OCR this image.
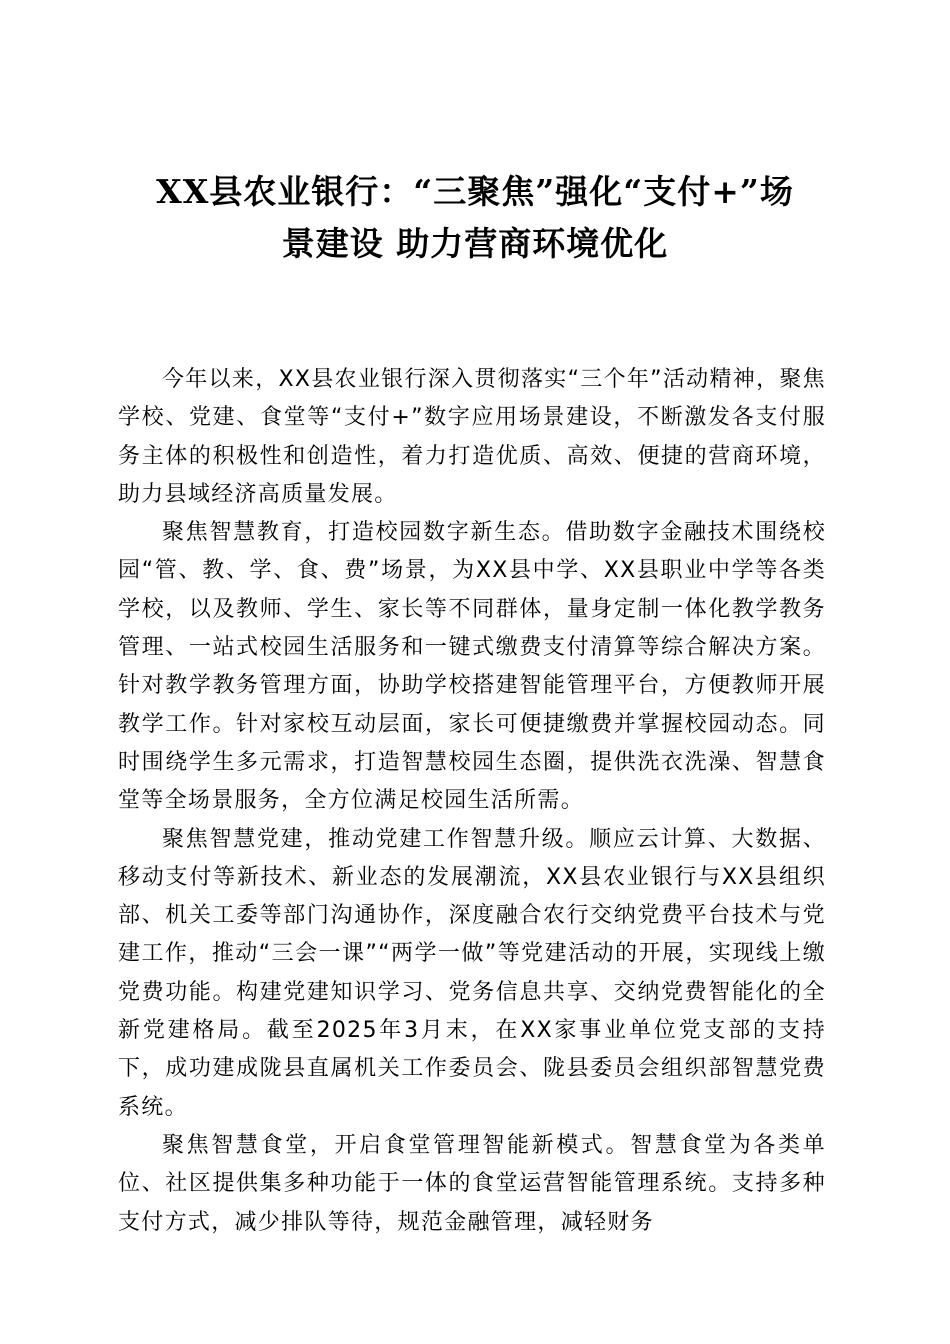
XX县农业银行：“三聚焦”强化“支付+”场
景建设 助力营商环境优化

今年以来，XX县农业银行深入贯彻落实“三个年”活动精神，聚焦学校、党建、食堂等“支付+”数字应用场景建设，不断激发各支付服务主体的积极性和创造性，着力打造优质、高效、便捷的营商环境，助力县域经济高质量发展。

聚焦智慧教育，打造校园数字新生态。借助数字金融技术围绕校园“管、教、学、食、费”场景，为XX县中学、XX县职业中学等各类学校，以及教师、学生、家长等不同群体，量身定制一体化教学教务管理、一站式校园生活服务和一键式缴费支付清算等综合解决方案。针对教学教务管理方面，协助学校搭建智能管理平台，方便教师开展教学工作。针对家校互动层面，家长可便捷缴费并掌握校园动态。同时围绕学生多元需求，打造智慧校园生态圈，提供洗衣洗澡、智慧食堂等全场景服务，全方位满足校园生活所需。

聚焦智慧党建，推动党建工作智慧升级。顺应云计算、大数据、移动支付等新技术、新业态的发展潮流，XX县农业银行与XX县组织部、机关工委等部门沟通协作，深度融合农行交纳党费平台技术与党建工作，推动“三会一课”“两学一做”等党建活动的开展，实现线上缴党费功能。构建党建知识学习、党务信息共享、交纳党费智能化的全新党建格局。截至2025年3月末，在XX家事业单位党支部的支持下，成功建成陇县直属机关工作委员会、陇县委员会组织部智慧党费系统。

聚焦智慧食堂，开启食堂管理智能新模式。智慧食堂为各类单位、社区提供集多种功能于一体的食堂运营智能管理系统。支持多种支付方式，减少排队等待，规范金融管理，减轻财务
